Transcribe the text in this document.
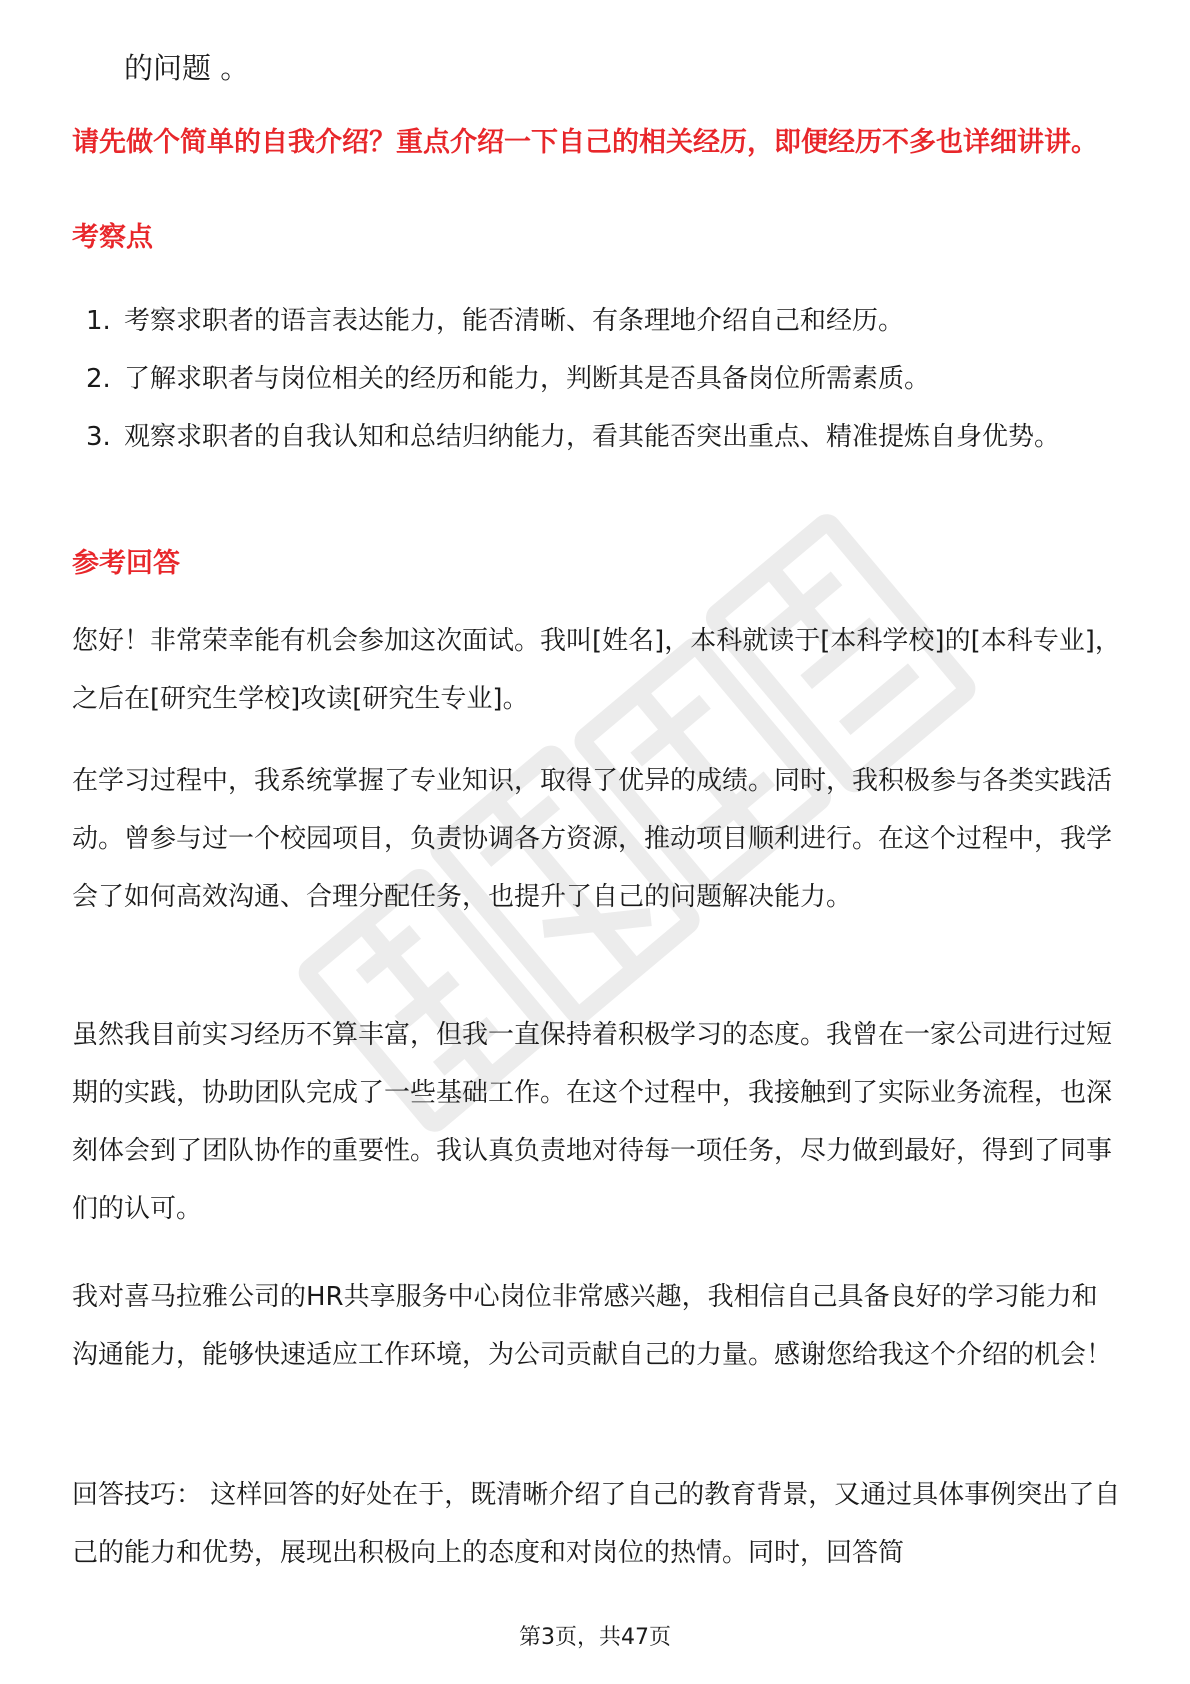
的问题 。
请先做个简单的自我介绍？重点介绍一下自己的相关经历，即便经历不多也详细讲讲。
考察点
1. 考察求职者的语言表达能力，能否清晰、有条理地介绍自己和经历。
2. 了解求职者与岗位相关的经历和能力，判断其是否具备岗位所需素质。
3. 观察求职者的自我认知和总结归纳能力，看其能否突出重点、精准提炼自身优势。
参考回答

您好！非常荣幸能有机会参加这次面试。我叫[姓名]，本科就读于[本科学校]的[本科专业]，之后在[研究生学校]攻读[研究生专业]。

在学习过程中，我系统掌握了专业知识，取得了优异的成绩。同时，我积极参与各类实践活动。曾参与过一个校园项目，负责协调各方资源，推动项目顺利进行。在这个过程中，我学会了如何高效沟通、合理分配任务，也提升了自己的问题解决能力。

虽然我目前实习经历不算丰富，但我一直保持着积极学习的态度。我曾在一家公司进行过短期的实践，协助团队完成了一些基础工作。在这个过程中，我接触到了实际业务流程，也深刻体会到了团队协作的重要性。我认真负责地对待每一项任务，尽力做到最好，得到了同事们的认可。

我对喜马拉雅公司的HR共享服务中心岗位非常感兴趣，我相信自己具备良好的学习能力和沟通能力，能够快速适应工作环境，为公司贡献自己的力量。感谢您给我这个介绍的机会！

回答技巧： 这样回答的好处在于，既清晰介绍了自己的教育背景，又通过具体事例突出了自己的能力和优势，展现出积极向上的态度和对岗位的热情。同时，回答简

第3页，共47页
